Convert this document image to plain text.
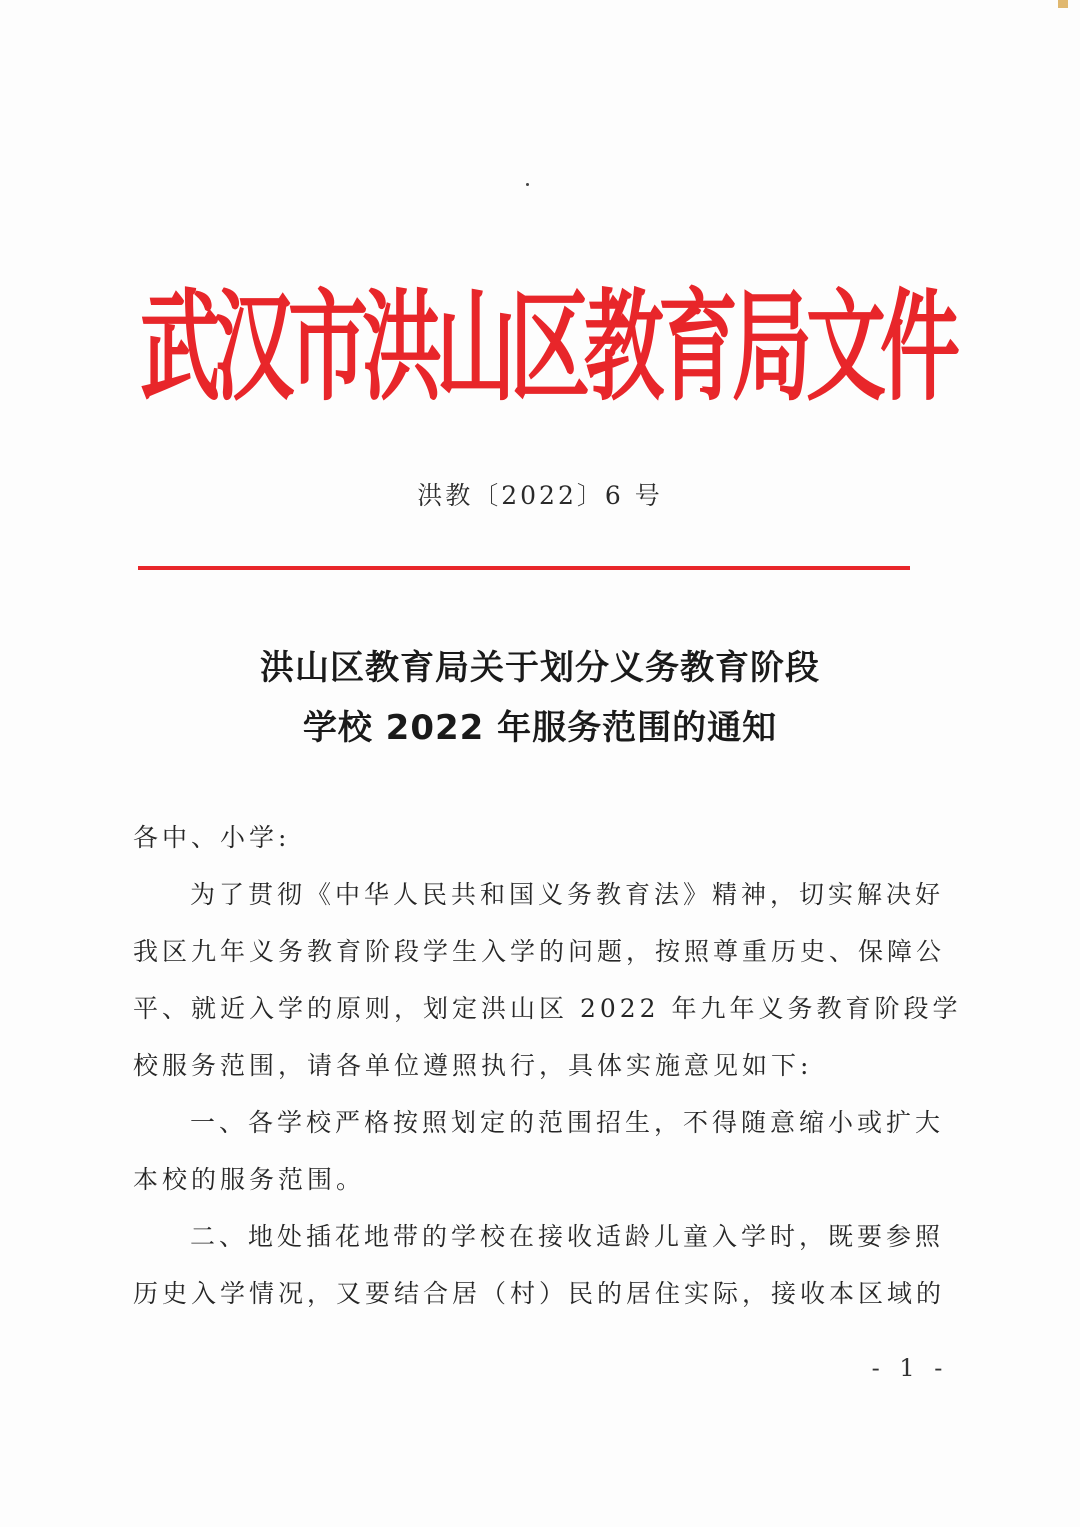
武汉市洪山区教育局文件
洪教〔2022〕6 号
洪山区教育局关于划分义务教育阶段
学校 2022 年服务范围的通知
各中、小学:
为了贯彻《中华人民共和国义务教育法》精神，切实解决好
我区九年义务教育阶段学生入学的问题，按照尊重历史、保障公
平、就近入学的原则，划定洪山区 2022 年九年义务教育阶段学
校服务范围，请各单位遵照执行，具体实施意见如下:
一、各学校严格按照划定的范围招生，不得随意缩小或扩大
本校的服务范围。
二、地处插花地带的学校在接收适龄儿童入学时，既要参照
历史入学情况，又要结合居（村）民的居住实际，接收本区域的
- 1 -
